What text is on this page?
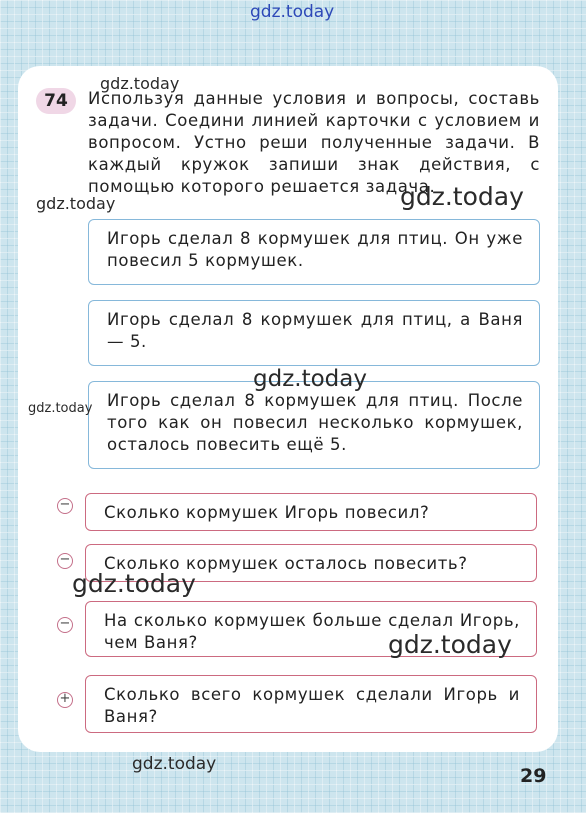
gdz.today
74
gdz.today
Используя данные условия и вопросы, составь задачи. Соедини линией карточки с условием и вопросом. Устно реши полученные задачи. В каждый кружок запиши знак действия, с помощью которого решается задача.
gdz.today	gdz.today
Игорь сделал 8 кормушек для птиц. Он уже повесил 5 кормушек.
Игорь сделал 8 кормушек для птиц, а Ваня — 5.
Игорь сделал 8 кормушек для птиц. После того как он повесил несколько кормушек, осталось повесить ещё 5.
gdz.today
gdz.today
−	Сколько кормушек Игорь повесил?
−	Сколько кормушек осталось повесить?
gdz.today
−	На сколько кормушек больше сделал Игорь, чем Ваня?	gdz.today
+	Сколько всего кормушек сделали Игорь и Ваня?
gdz.today
29
